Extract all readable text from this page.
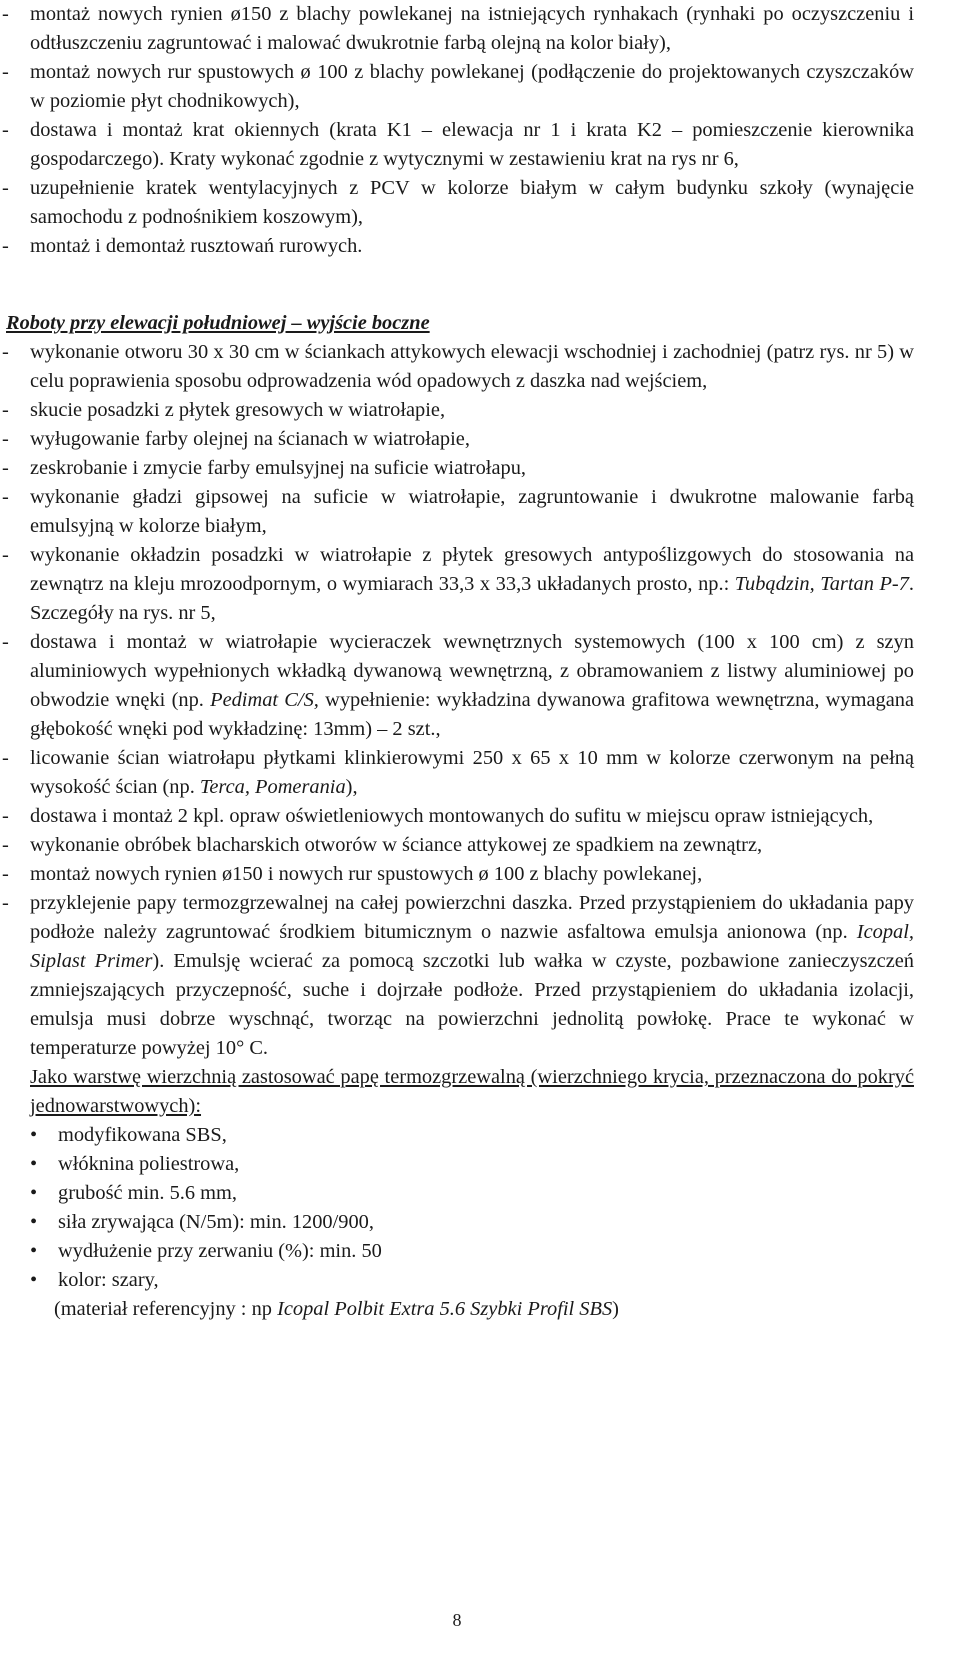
- montaż nowych rynien ø150 z blachy powlekanej na istniejących rynhakach (rynhaki po oczyszczeniu i odtłuszczeniu zagruntować i malować dwukrotnie farbą olejną na kolor biały),
- montaż nowych rur spustowych ø 100 z blachy powlekanej (podłączenie do projektowanych czyszczaków w poziomie płyt chodnikowych),
- dostawa i montaż krat okiennych (krata K1 – elewacja nr 1 i krata K2 – pomieszczenie kierownika gospodarczego). Kraty wykonać zgodnie z wytycznymi w zestawieniu krat na rys nr 6,
- uzupełnienie kratek wentylacyjnych z PCV w kolorze białym w całym budynku szkoły (wynajęcie samochodu z podnośnikiem koszowym),
- montaż i demontaż rusztowań rurowych.
Roboty przy elewacji południowej – wyjście boczne
- wykonanie otworu 30 x 30 cm w ściankach attykowych elewacji wschodniej i zachodniej (patrz rys. nr 5) w celu poprawienia sposobu odprowadzenia wód opadowych z daszka nad wejściem,
- skucie posadzki z płytek gresowych w wiatrołapie,
- wyługowanie farby olejnej na ścianach w wiatrołapie,
- zeskrobanie i zmycie farby emulsyjnej na suficie wiatrołapu,
- wykonanie gładzi gipsowej na suficie w wiatrołapie, zagruntowanie i dwukrotne malowanie farbą emulsyjną w kolorze białym,
- wykonanie okładzin posadzki w wiatrołapie z płytek gresowych antypoślizgowych do stosowania na zewnątrz na kleju mrozoodpornym, o wymiarach 33,3 x 33,3 układanych prosto, np.: Tubądzin, Tartan P-7. Szczegóły na rys. nr 5,
- dostawa i montaż w wiatrołapie wycieraczek wewnętrznych systemowych (100 x 100 cm) z szyn aluminiowych wypełnionych wkładką dywanową wewnętrzną, z obramowaniem z listwy aluminiowej po obwodzie wnęki (np. Pedimat C/S, wypełnienie: wykładzina dywanowa grafitowa wewnętrzna, wymagana głębokość wnęki pod wykładzinę: 13mm) – 2 szt.,
- licowanie ścian wiatrołapu płytkami klinkierowymi 250 x 65 x 10 mm w kolorze czerwonym na pełną wysokość ścian (np. Terca, Pomerania),
- dostawa i montaż 2 kpl. opraw oświetleniowych montowanych do sufitu w miejscu opraw istniejących,
- wykonanie obróbek blacharskich otworów w ściance attykowej ze spadkiem na zewnątrz,
- montaż nowych rynien ø150 i nowych rur spustowych ø 100 z blachy powlekanej,
- przyklejenie papy termozgrzewalnej na całej powierzchni daszka. Przed przystąpieniem do układania papy podłoże należy zagruntować środkiem bitumicznym o nazwie asfaltowa emulsja anionowa (np. Icopal, Siplast Primer). Emulsję wcierać za pomocą szczotki lub wałka w czyste, pozbawione zanieczyszczeń zmniejszających przyczepność, suche i dojrzałe podłoże. Przed przystąpieniem do układania izolacji, emulsja musi dobrze wyschnąć, tworząc na powierzchni jednolitą powłokę. Prace te wykonać w temperaturze powyżej 10° C.
Jako warstwę wierzchnią zastosować papę termozgrzewalną (wierzchniego krycia, przeznaczona do pokryć jednowarstwowych):
• modyfikowana SBS,
• włóknina poliestrowa,
• grubość min. 5.6 mm,
• siła zrywająca (N/5m): min. 1200/900,
• wydłużenie przy zerwaniu (%): min. 50
• kolor: szary,
(materiał referencyjny : np Icopal Polbit Extra 5.6 Szybki Profil SBS)
8
